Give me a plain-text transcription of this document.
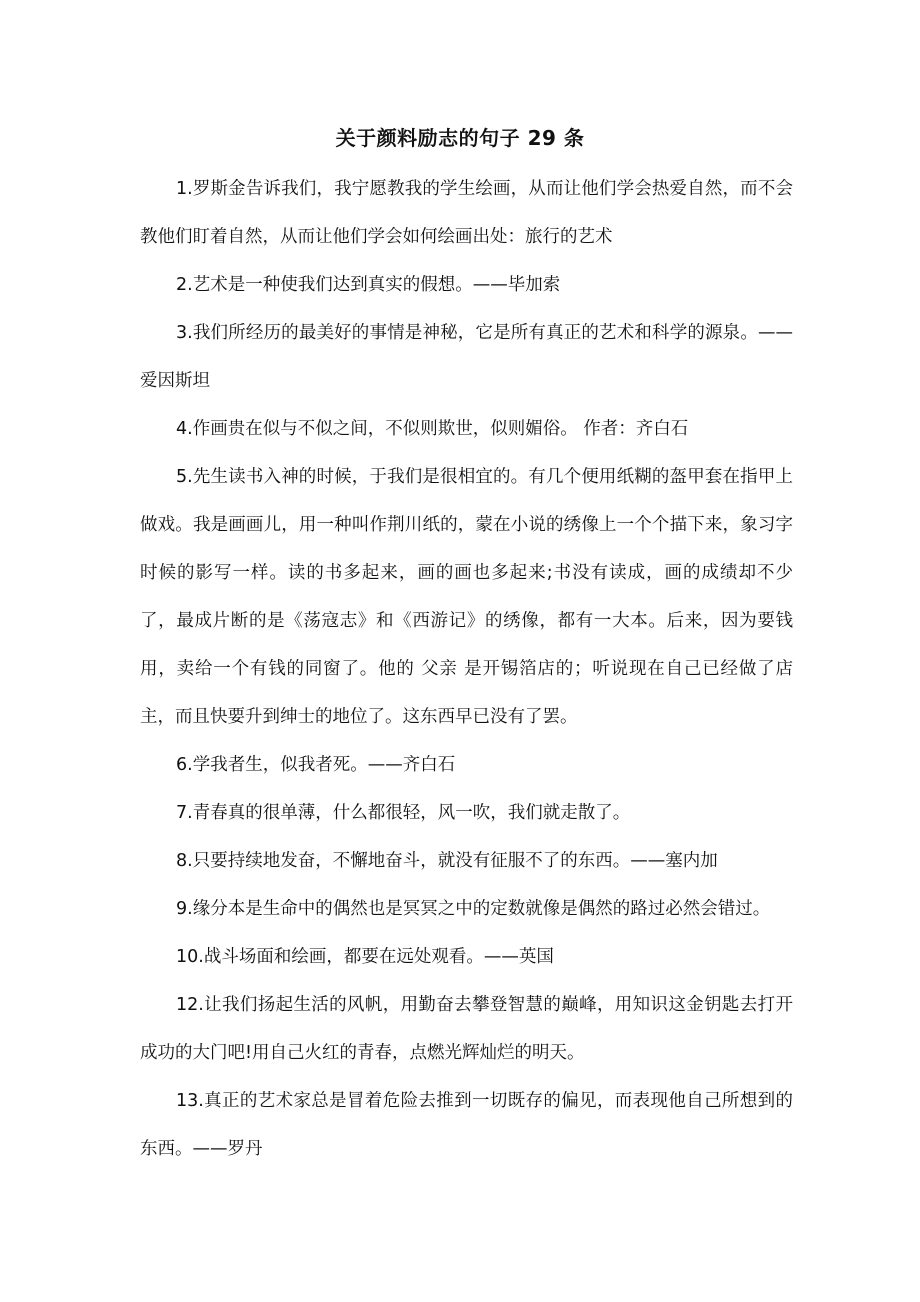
关于颜料励志的句子 29 条

1.罗斯金告诉我们，我宁愿教我的学生绘画，从而让他们学会热爱自然，而不会教他们盯着自然，从而让他们学会如何绘画出处：旅行的艺术

2.艺术是一种使我们达到真实的假想。——毕加索

3.我们所经历的最美好的事情是神秘，它是所有真正的艺术和科学的源泉。——爱因斯坦

4.作画贵在似与不似之间，不似则欺世，似则媚俗。 作者：齐白石

5.先生读书入神的时候，于我们是很相宜的。有几个便用纸糊的盔甲套在指甲上做戏。我是画画儿，用一种叫作荆川纸的，蒙在小说的绣像上一个个描下来，象习字时候的影写一样。读的书多起来，画的画也多起来;书没有读成，画的成绩却不少了，最成片断的是《荡寇志》和《西游记》的绣像，都有一大本。后来，因为要钱用，卖给一个有钱的同窗了。他的 父亲 是开锡箔店的；听说现在自己已经做了店主，而且快要升到绅士的地位了。这东西早已没有了罢。

6.学我者生，似我者死。——齐白石

7.青春真的很单薄，什么都很轻，风一吹，我们就走散了。

8.只要持续地发奋，不懈地奋斗，就没有征服不了的东西。——塞内加

9.缘分本是生命中的偶然也是冥冥之中的定数就像是偶然的路过必然会错过。

10.战斗场面和绘画，都要在远处观看。——英国

12.让我们扬起生活的风帆，用勤奋去攀登智慧的巅峰，用知识这金钥匙去打开成功的大门吧!用自己火红的青春，点燃光辉灿烂的明天。

13.真正的艺术家总是冒着危险去推到一切既存的偏见，而表现他自己所想到的东西。——罗丹
